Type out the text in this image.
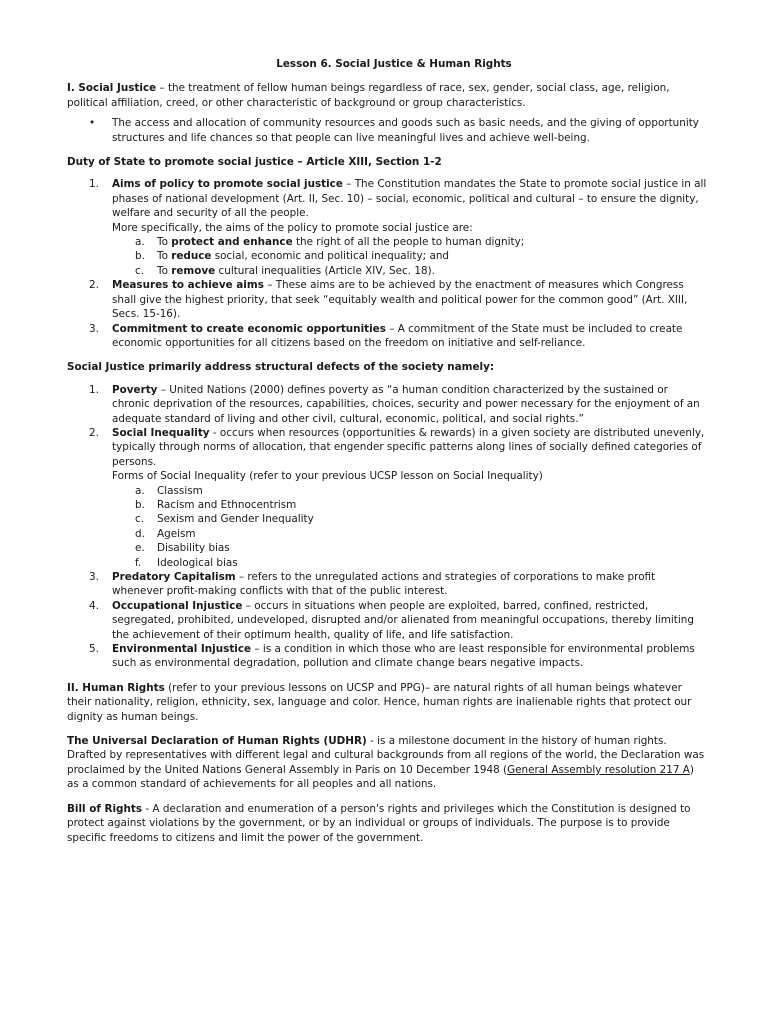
Lesson 6. Social Justice & Human Rights

I. Social Justice – the treatment of fellow human beings regardless of race, sex, gender, social class, age, religion, political affiliation, creed, or other characteristic of background or group characteristics.

• The access and allocation of community resources and goods such as basic needs, and the giving of opportunity structures and life chances so that people can live meaningful lives and achieve well-being.

Duty of State to promote social justice – Article XIII, Section 1-2

1. Aims of policy to promote social justice – The Constitution mandates the State to promote social justice in all phases of national development (Art. II, Sec. 10) – social, economic, political and cultural – to ensure the dignity, welfare and security of all the people.
More specifically, the aims of the policy to promote social justice are:
a. To protect and enhance the right of all the people to human dignity;
b. To reduce social, economic and political inequality; and
c. To remove cultural inequalities (Article XIV, Sec. 18).
2. Measures to achieve aims – These aims are to be achieved by the enactment of measures which Congress shall give the highest priority, that seek “equitably wealth and political power for the common good” (Art. XIII, Secs. 15-16).
3. Commitment to create economic opportunities – A commitment of the State must be included to create economic opportunities for all citizens based on the freedom on initiative and self-reliance.

Social Justice primarily address structural defects of the society namely:

1. Poverty – United Nations (2000) defines poverty as “a human condition characterized by the sustained or chronic deprivation of the resources, capabilities, choices, security and power necessary for the enjoyment of an adequate standard of living and other civil, cultural, economic, political, and social rights.”
2. Social Inequality - occurs when resources (opportunities & rewards) in a given society are distributed unevenly, typically through norms of allocation, that engender specific patterns along lines of socially defined categories of persons.
Forms of Social Inequality (refer to your previous UCSP lesson on Social Inequality)
a. Classism
b. Racism and Ethnocentrism
c. Sexism and Gender Inequality
d. Ageism
e. Disability bias
f. Ideological bias
3. Predatory Capitalism – refers to the unregulated actions and strategies of corporations to make profit whenever profit-making conflicts with that of the public interest.
4. Occupational Injustice – occurs in situations when people are exploited, barred, confined, restricted, segregated, prohibited, undeveloped, disrupted and/or alienated from meaningful occupations, thereby limiting the achievement of their optimum health, quality of life, and life satisfaction.
5. Environmental Injustice – is a condition in which those who are least responsible for environmental problems such as environmental degradation, pollution and climate change bears negative impacts.

II. Human Rights (refer to your previous lessons on UCSP and PPG)– are natural rights of all human beings whatever their nationality, religion, ethnicity, sex, language and color. Hence, human rights are inalienable rights that protect our dignity as human beings.

The Universal Declaration of Human Rights (UDHR) - is a milestone document in the history of human rights. Drafted by representatives with different legal and cultural backgrounds from all regions of the world, the Declaration was proclaimed by the United Nations General Assembly in Paris on 10 December 1948 (General Assembly resolution 217 A) as a common standard of achievements for all peoples and all nations.

Bill of Rights - A declaration and enumeration of a person's rights and privileges which the Constitution is designed to protect against violations by the government, or by an individual or groups of individuals. The purpose is to provide specific freedoms to citizens and limit the power of the government.
